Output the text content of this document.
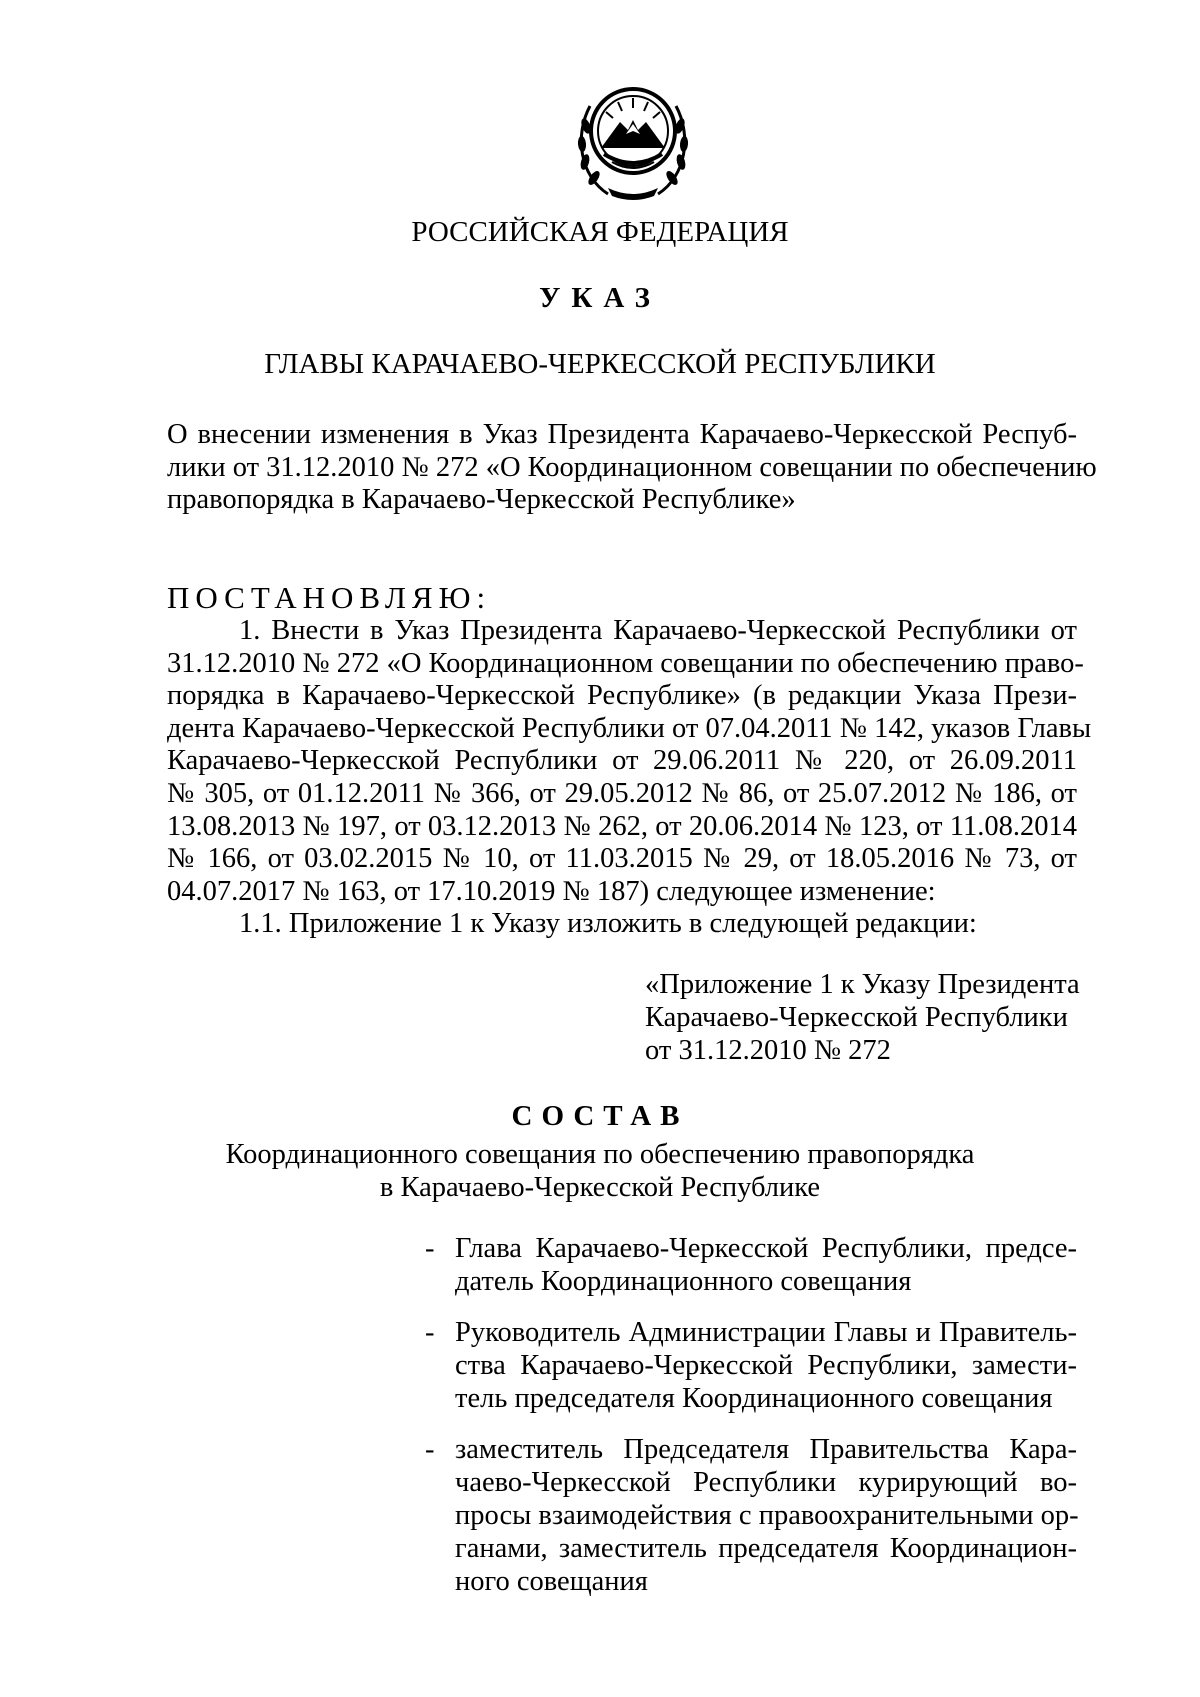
РОССИЙСКАЯ ФЕДЕРАЦИЯ
УКАЗ
ГЛАВЫ КАРАЧАЕВО-ЧЕРКЕССКОЙ РЕСПУБЛИКИ
О внесении изменения в Указ Президента Карачаево-Черкесской Респуб-
лики от 31.12.2010 № 272 «О Координационном совещании по обеспечению
правопорядка в Карачаево-Черкесской Республике»
ПОСТАНОВЛЯЮ:
1. Внести в Указ Президента Карачаево-Черкесской Республики от
31.12.2010 № 272 «О Координационном совещании по обеспечению право-
порядка в Карачаево-Черкесской Республике» (в редакции Указа Прези-
дента Карачаево-Черкесской Республики от 07.04.2011 № 142, указов Главы
Карачаево-Черкесской Республики от 29.06.2011 № 220, от 26.09.2011
№ 305, от 01.12.2011 № 366, от 29.05.2012 № 86, от 25.07.2012 № 186, от
13.08.2013 № 197, от 03.12.2013 № 262, от 20.06.2014 № 123, от 11.08.2014
№ 166, от 03.02.2015 № 10, от 11.03.2015 № 29, от 18.05.2016 № 73, от
04.07.2017 № 163, от 17.10.2019 № 187) следующее изменение:
1.1. Приложение 1 к Указу изложить в следующей редакции:
«Приложение 1 к Указу Президента
Карачаево-Черкесской Республики
от 31.12.2010 № 272
СОСТАВ
Координационного совещания по обеспечению правопорядка
в Карачаево-Черкесской Республике
- Глава Карачаево-Черкесской Республики, предсе-
датель Координационного совещания
- Руководитель Администрации Главы и Правитель-
ства Карачаево-Черкесской Республики, замести-
тель председателя Координационного совещания
- заместитель Председателя Правительства Кара-
чаево-Черкесской Республики курирующий во-
просы взаимодействия с правоохранительными ор-
ганами, заместитель председателя Координацион-
ного совещания
